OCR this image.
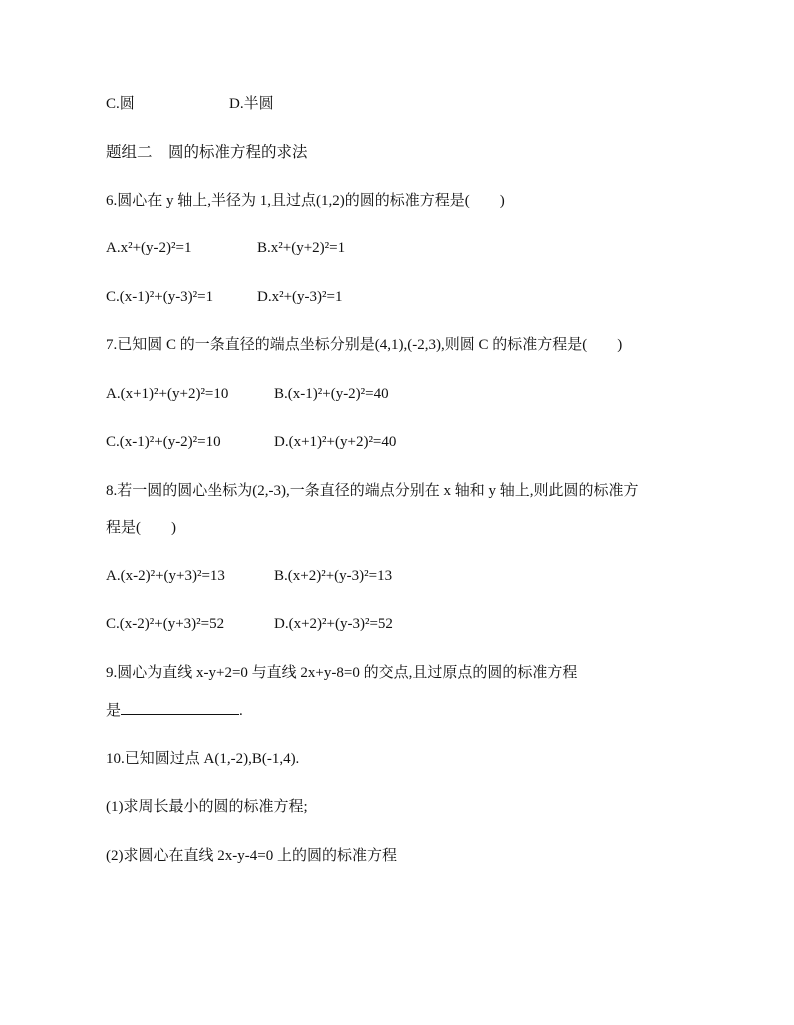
C.圆	D.半圆
题组二　圆的标准方程的求法
6.圆心在 y 轴上,半径为 1,且过点(1,2)的圆的标准方程是(　　)
A.x²+(y-2)²=1	B.x²+(y+2)²=1
C.(x-1)²+(y-3)²=1	D.x²+(y-3)²=1
7.已知圆 C 的一条直径的端点坐标分别是(4,1),(-2,3),则圆 C 的标准方程是(　　)
A.(x+1)²+(y+2)²=10	B.(x-1)²+(y-2)²=40
C.(x-1)²+(y-2)²=10	D.(x+1)²+(y+2)²=40
8.若一圆的圆心坐标为(2,-3),一条直径的端点分别在 x 轴和 y 轴上,则此圆的标准方
程是(　　)
A.(x-2)²+(y+3)²=13	B.(x+2)²+(y-3)²=13
C.(x-2)²+(y+3)²=52	D.(x+2)²+(y-3)²=52
9.圆心为直线 x-y+2=0 与直线 2x+y-8=0 的交点,且过原点的圆的标准方程
是	.
10.已知圆过点 A(1,-2),B(-1,4).
(1)求周长最小的圆的标准方程;
(2)求圆心在直线 2x-y-4=0 上的圆的标准方程
